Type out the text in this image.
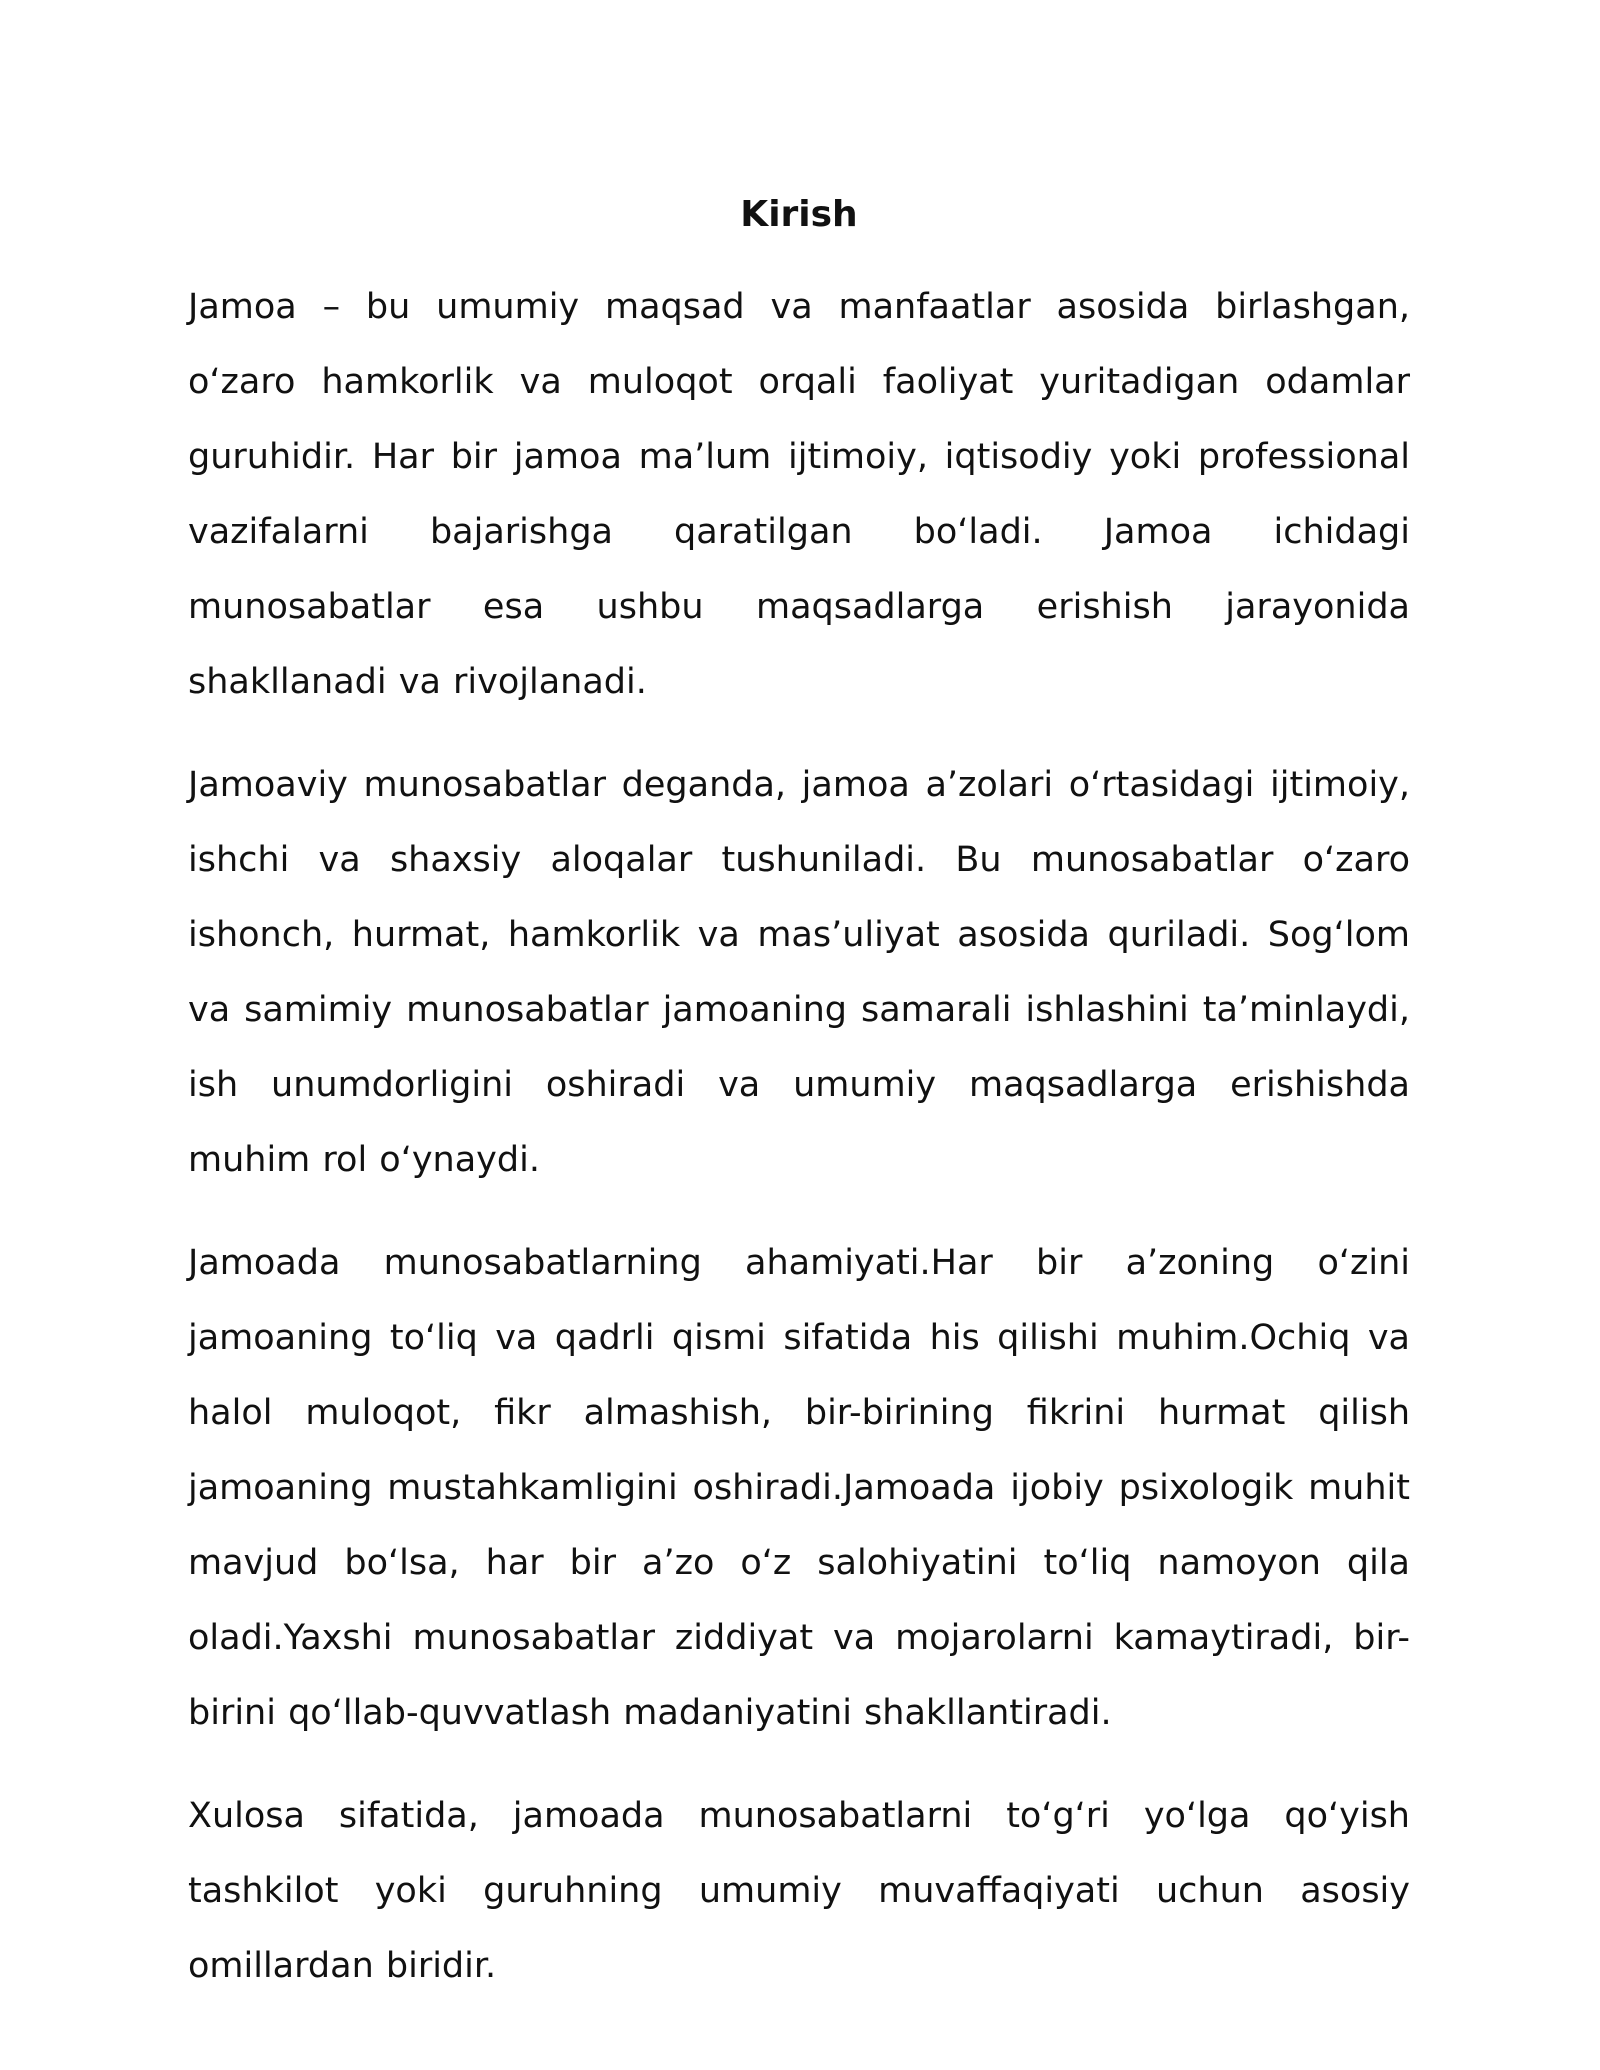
Kirish

Jamoa – bu umumiy maqsad va manfaatlar asosida birlashgan, oʻzaro hamkorlik va muloqot orqali faoliyat yuritadigan odamlar guruhidir. Har bir jamoa maʼlum ijtimoiy, iqtisodiy yoki professional vazifalarni bajarishga qaratilgan boʻladi. Jamoa ichidagi munosabatlar esa ushbu maqsadlarga erishish jarayonida shakllanadi va rivojlanadi.

Jamoaviy munosabatlar deganda, jamoa aʼzolari oʻrtasidagi ijtimoiy, ishchi va shaxsiy aloqalar tushuniladi. Bu munosabatlar oʻzaro ishonch, hurmat, hamkorlik va masʼuliyat asosida quriladi. Sogʻlom va samimiy munosabatlar jamoaning samarali ishlashini taʼminlaydi, ish unumdorligini oshiradi va umumiy maqsadlarga erishishda muhim rol oʻynaydi.

Jamoada munosabatlarning ahamiyati.Har bir aʼzoning oʻzini jamoaning toʻliq va qadrli qismi sifatida his qilishi muhim.Ochiq va halol muloqot, fikr almashish, bir-birining fikrini hurmat qilish jamoaning mustahkamligini oshiradi.Jamoada ijobiy psixologik muhit mavjud boʻlsa, har bir aʼzo oʻz salohiyatini toʻliq namoyon qila oladi.Yaxshi munosabatlar ziddiyat va mojarolarni kamaytiradi, bir-birini qoʻllab-quvvatlash madaniyatini shakllantiradi.

Xulosa sifatida, jamoada munosabatlarni toʻgʻri yoʻlga qoʻyish tashkilot yoki guruhning umumiy muvaffaqiyati uchun asosiy omillardan biridir.
